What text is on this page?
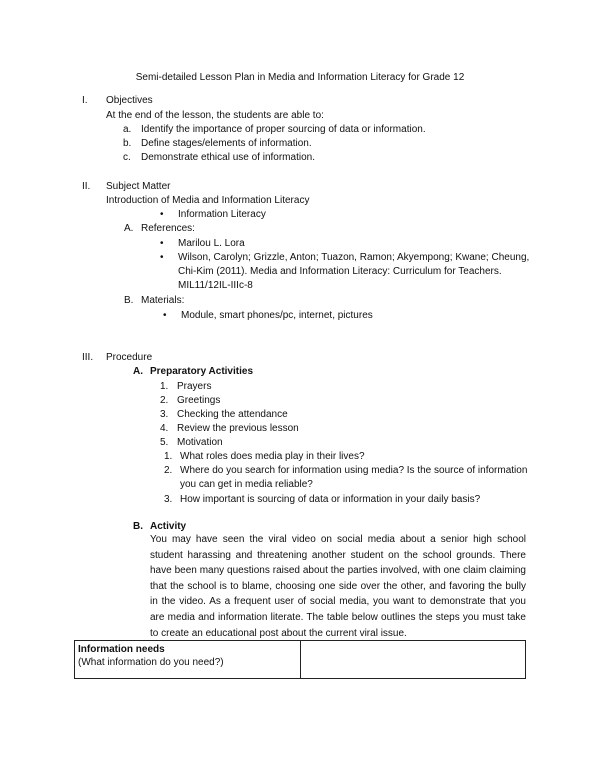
Semi-detailed Lesson Plan in Media and Information Literacy for Grade 12
I. Objectives
At the end of the lesson, the students are able to:
a. Identify the importance of proper sourcing of data or information.
b. Define stages/elements of information.
c. Demonstrate ethical use of information.
II. Subject Matter
Introduction of Media and Information Literacy
• Information Literacy
A. References:
• Marilou L. Lora
• Wilson, Carolyn; Grizzle, Anton; Tuazon, Ramon; Akyempong; Kwane; Cheung,
Chi-Kim (2011). Media and Information Literacy: Curriculum for Teachers.
MIL11/12IL-IIIc-8
B. Materials:
• Module, smart phones/pc, internet, pictures
III. Procedure
A. Preparatory Activities
1. Prayers
2. Greetings
3. Checking the attendance
4. Review the previous lesson
5. Motivation
1. What roles does media play in their lives?
2. Where do you search for information using media? Is the source of information
you can get in media reliable?
3. How important is sourcing of data or information in your daily basis?
B. Activity
You may have seen the viral video on social media about a senior high school student harassing and threatening another student on the school grounds. There have been many questions raised about the parties involved, with one claim claiming that the school is to blame, choosing one side over the other, and favoring the bully in the video. As a frequent user of social media, you want to demonstrate that you are media and information literate. The table below outlines the steps you must take to create an educational post about the current viral issue.
Information needs
(What information do you need?)
